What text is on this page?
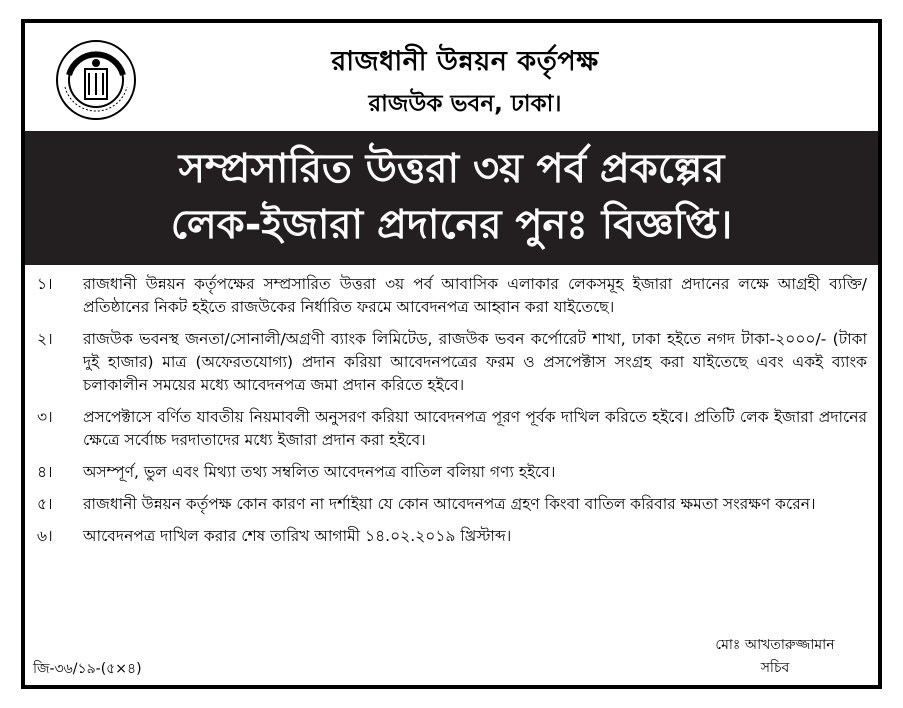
রাজধানী উন্নয়ন কর্তৃপক্ষ
রাজউক ভবন, ঢাকা।
সম্প্রসারিত উত্তরা ৩য় পর্ব প্রকল্পের
লেক-ইজারা প্রদানের পুনঃ বিজ্ঞপ্তি।
১।	রাজধানী উন্নয়ন কর্তৃপক্ষের সম্প্রসারিত উত্তরা ৩য় পর্ব আবাসিক এলাকার লেকসমূহ ইজারা প্রদানের লক্ষে আগ্রহী ব্যক্তি/প্রতিষ্ঠানের নিকট হইতে রাজউকের নির্ধারিত ফরমে আবেদনপত্র আহ্বান করা যাইতেছে।
২।	রাজউক ভবনস্থ জনতা/সোনালী/অগ্রণী ব্যাংক লিমিটেড, রাজউক ভবন কর্পোরেট শাখা, ঢাকা হইতে নগদ টাকা-২০০০/- (টাকা দুই হাজার) মাত্র (অফেরতযোগ্য) প্রদান করিয়া আবেদনপত্রের ফরম ও প্রসপেক্টাস সংগ্রহ করা যাইতেছে এবং একই ব্যাংক চলাকালীন সময়ের মধ্যে আবেদনপত্র জমা প্রদান করিতে হইবে।
৩।	প্রসপেক্টাসে বর্ণিত যাবতীয় নিয়মাবলী অনুসরণ করিয়া আবেদনপত্র পূরণ পূর্বক দাখিল করিতে হইবে। প্রতিটি লেক ইজারা প্রদানের ক্ষেত্রে সর্বোচ্চ দরদাতাদের মধ্যে ইজারা প্রদান করা হইবে।
৪।	অসম্পূর্ণ, ভুল এবং মিথ্যা তথ্য সম্বলিত আবেদনপত্র বাতিল বলিয়া গণ্য হইবে।
৫।	রাজধানী উন্নয়ন কর্তৃপক্ষ কোন কারণ না দর্শাইয়া যে কোন আবেদনপত্র গ্রহণ কিংবা বাতিল করিবার ক্ষমতা সংরক্ষণ করেন।
৬।	আবেদনপত্র দাখিল করার শেষ তারিখ আগামী ১৪.০২.২০১৯ খ্রিস্টাব্দ।
মোঃ আখতারুজ্জামান
সচিব
জি-৩৬/১৯-(৫×৪)
